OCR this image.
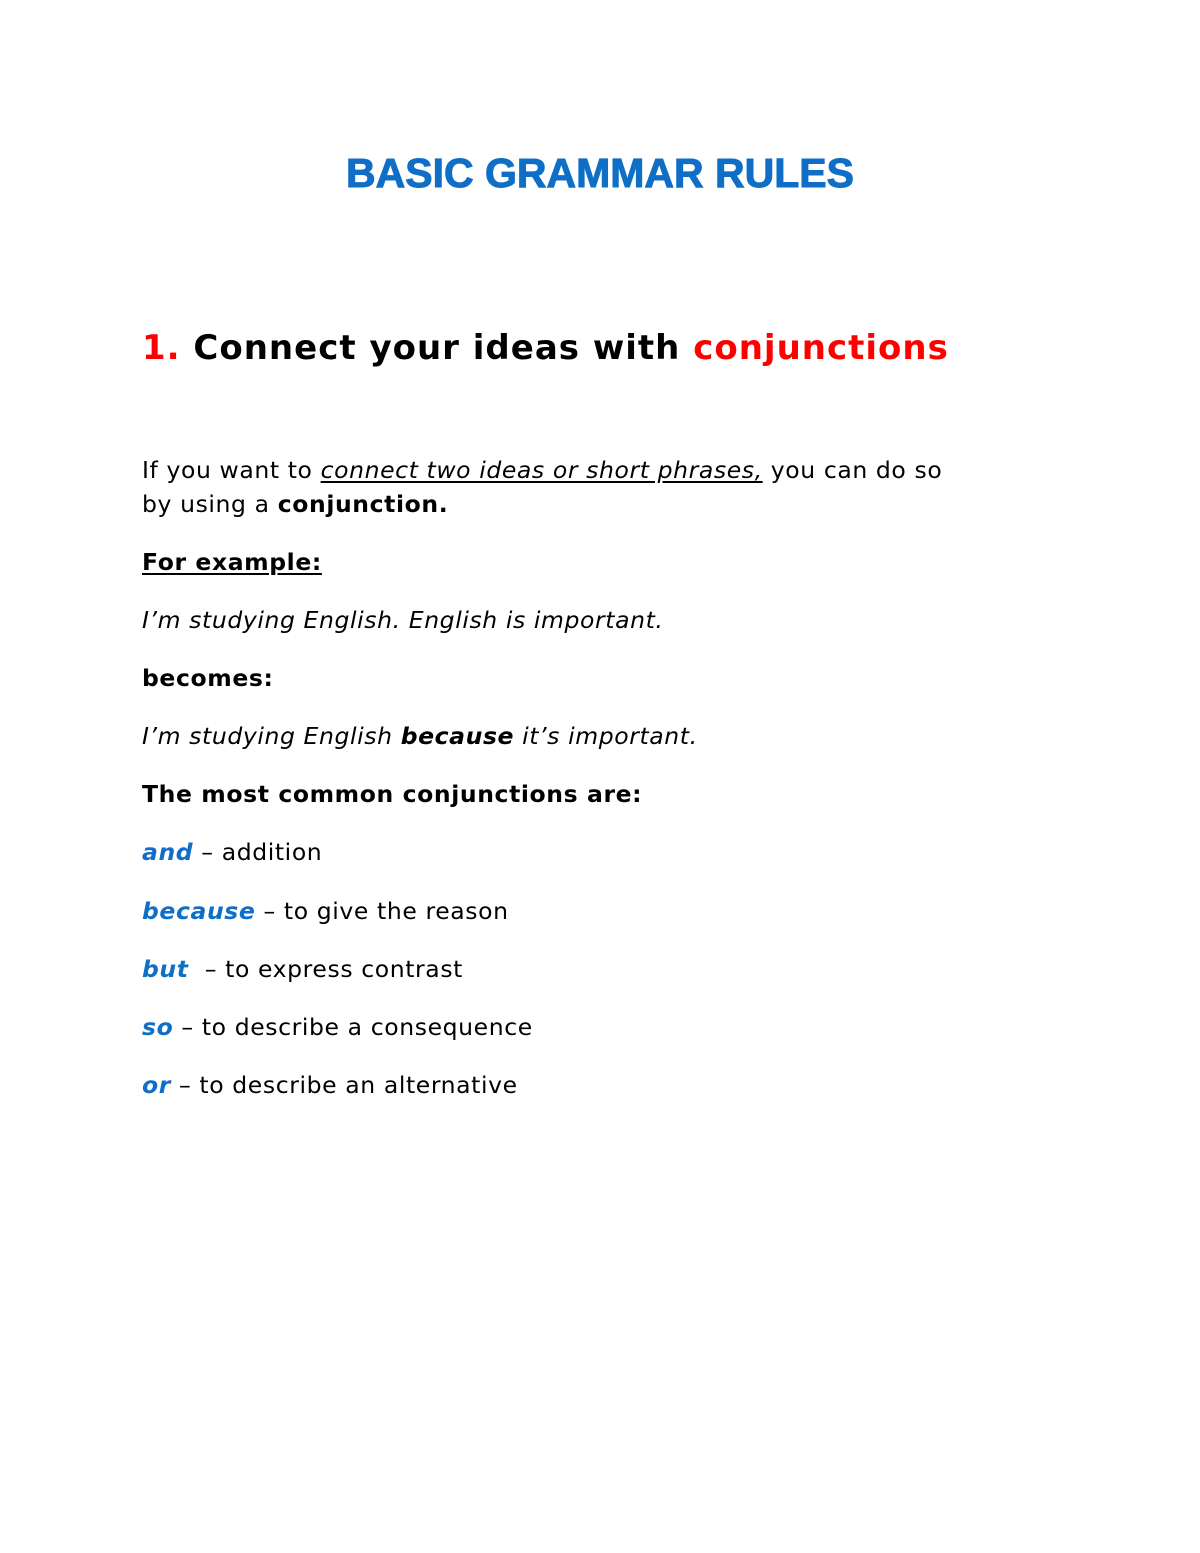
BASIC GRAMMAR RULES
1. Connect your ideas with conjunctions

If you want to connect two ideas or short phrases, you can do so

by using a conjunction.

For example:

I’m studying English. English is important.

becomes:

I’m studying English because it’s important.

The most common conjunctions are:

and – addition

because – to give the reason

but  – to express contrast

so – to describe a consequence

or – to describe an alternative
